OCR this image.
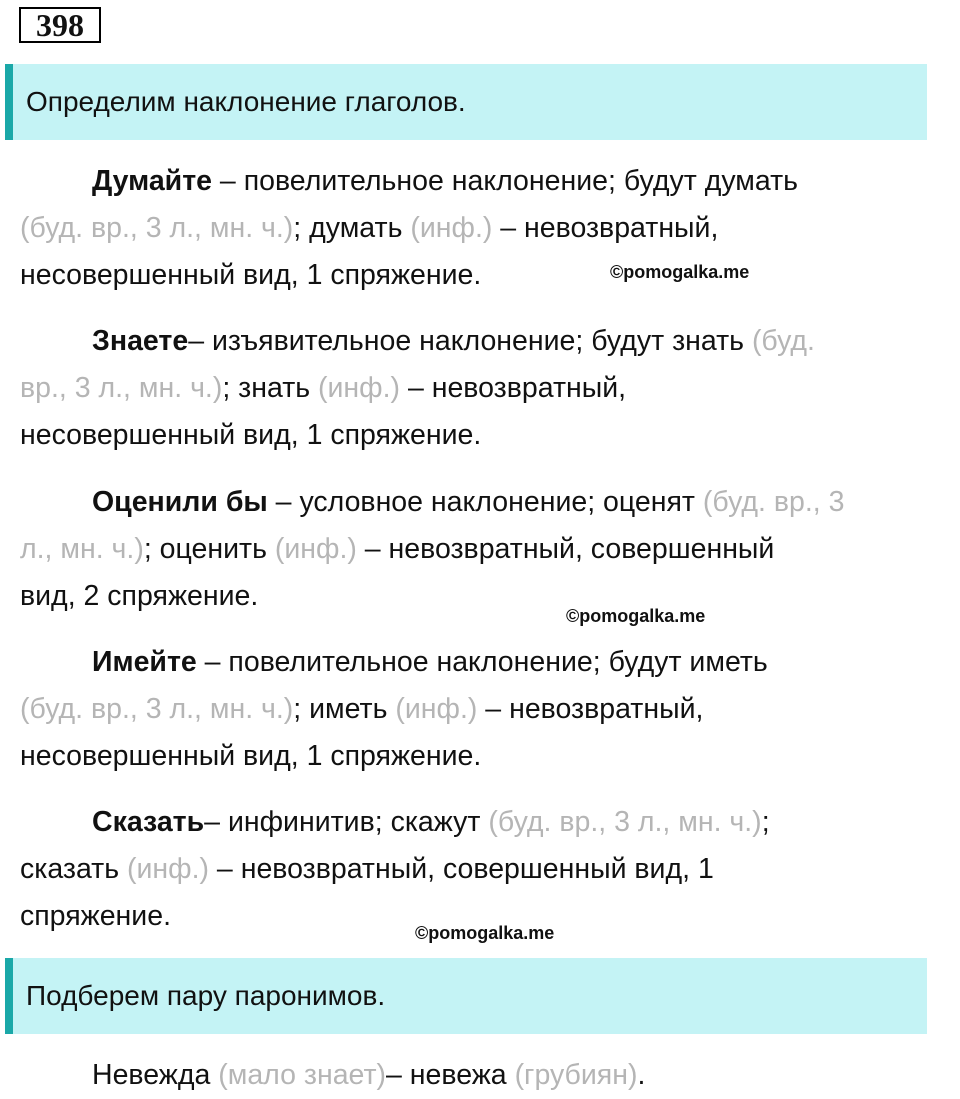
398
Определим наклонение глаголов.
Думайте – повелительное наклонение; будут думать
(буд. вр., 3 л., мн. ч.); думать (инф.) – невозвратный,
несовершенный вид, 1 спряжение.
Знаете– изъявительное наклонение; будут знать (буд.
вр., 3 л., мн. ч.); знать (инф.) – невозвратный,
несовершенный вид, 1 спряжение.
Оценили бы – условное наклонение; оценят (буд. вр., 3
л., мн. ч.); оценить (инф.) – невозвратный, совершенный
вид, 2 спряжение.
Имейте – повелительное наклонение; будут иметь
(буд. вр., 3 л., мн. ч.); иметь (инф.) – невозвратный,
несовершенный вид, 1 спряжение.
Сказать– инфинитив; скажут (буд. вр., 3 л., мн. ч.);
сказать (инф.) – невозвратный, совершенный вид, 1
спряжение.
Подберем пару паронимов.
Невежда (мало знает)– невежа (грубиян).
©pomogalka.me
©pomogalka.me
©pomogalka.me
